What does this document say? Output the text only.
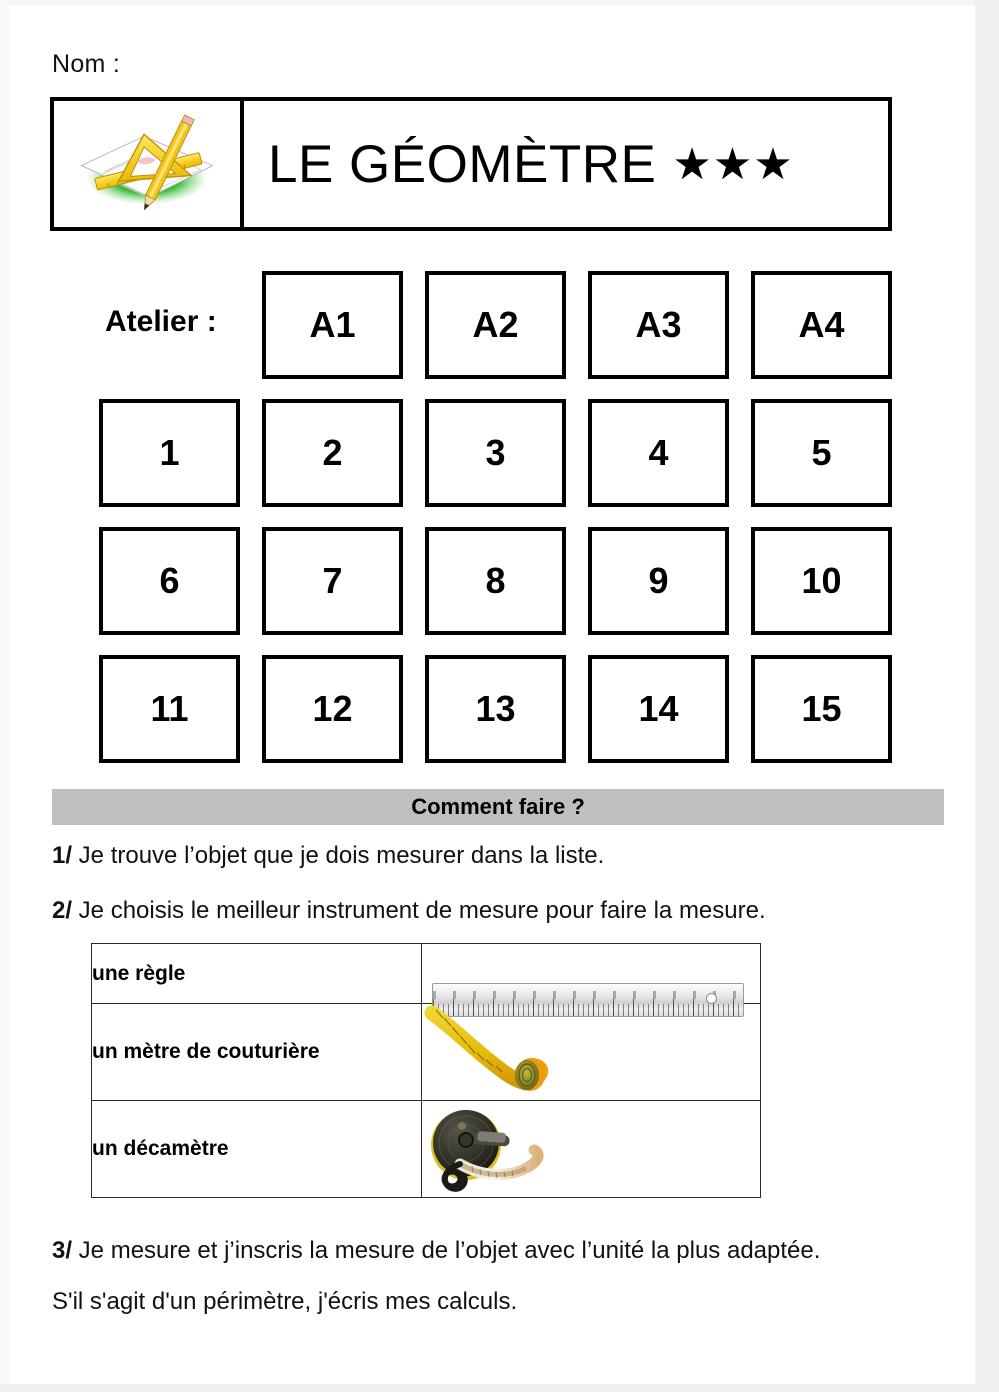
Nom :
LE GÉOMÈTRE ★★★
Atelier :	A1	A2	A3	A4
1	2	3	4	5
6	7	8	9	10
11	12	13	14	15
Comment faire ?
1/ Je trouve l’objet que je dois mesurer dans la liste.
2/ Je choisis le meilleur instrument de mesure pour faire la mesure.
une règle	

un mètre de couturière	

un décamètre	
3/ Je mesure et j’inscris la mesure de l’objet avec l’unité la plus adaptée.
S'il s'agit d'un périmètre, j'écris mes calculs.
